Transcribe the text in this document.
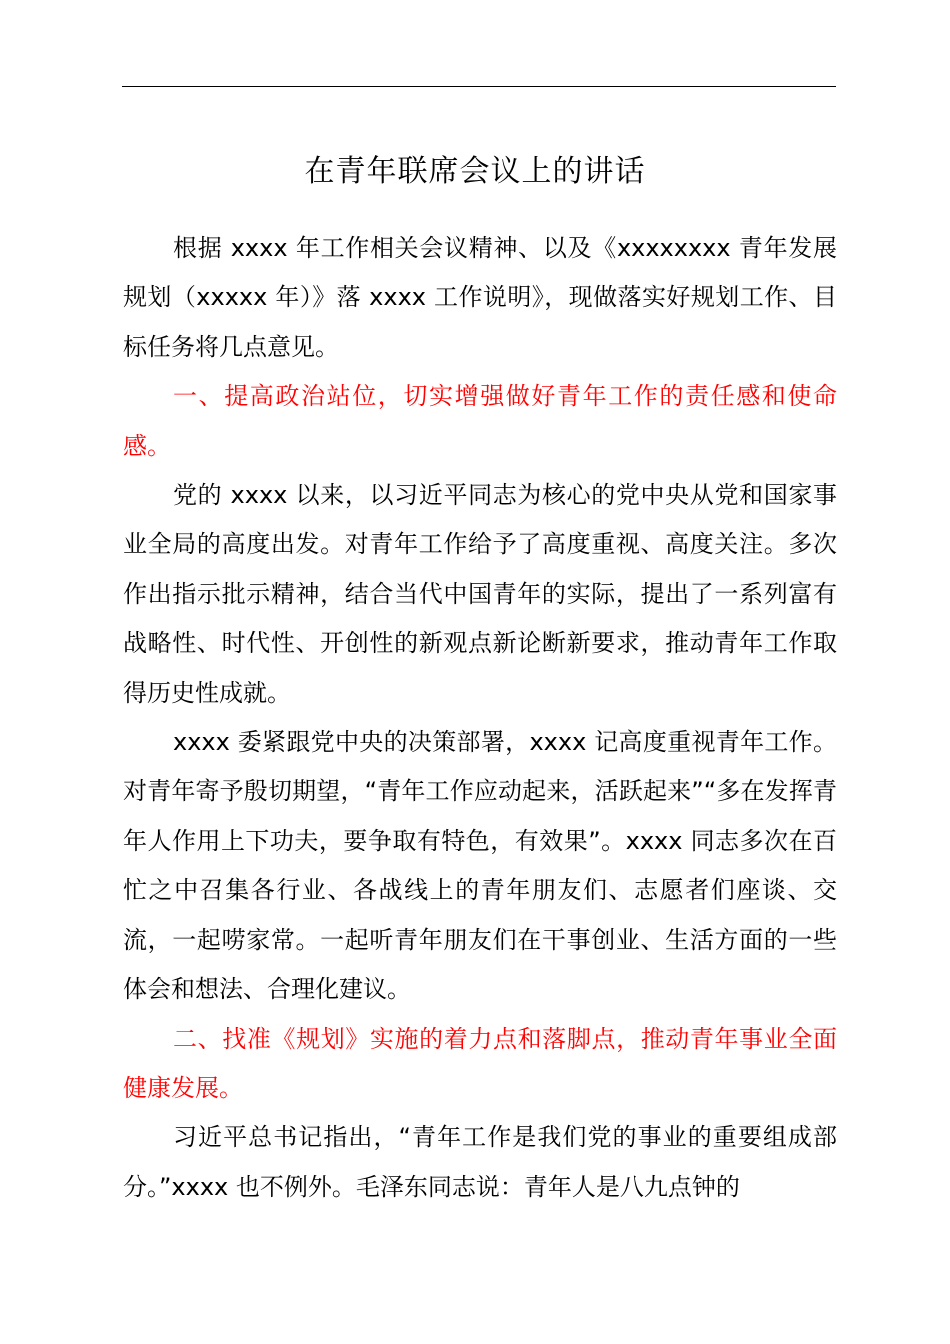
在青年联席会议上的讲话

根据 xxxx 年工作相关会议精神、以及《xxxxxxxx 青年发展规划（xxxxx 年）》落 xxxx 工作说明》，现做落实好规划工作、目标任务将几点意见。

一、提高政治站位，切实增强做好青年工作的责任感和使命感。

党的 xxxx 以来，以习近平同志为核心的党中央从党和国家事业全局的高度出发。对青年工作给予了高度重视、高度关注。多次作出指示批示精神，结合当代中国青年的实际，提出了一系列富有战略性、时代性、开创性的新观点新论断新要求，推动青年工作取得历史性成就。

xxxx 委紧跟党中央的决策部署，xxxx 记高度重视青年工作。对青年寄予殷切期望，“青年工作应动起来，活跃起来”“多在发挥青年人作用上下功夫，要争取有特色，有效果”。xxxx 同志多次在百忙之中召集各行业、各战线上的青年朋友们、志愿者们座谈、交流，一起唠家常。一起听青年朋友们在干事创业、生活方面的一些体会和想法、合理化建议。

二、找准《规划》实施的着力点和落脚点，推动青年事业全面健康发展。

习近平总书记指出，“青年工作是我们党的事业的重要组成部分。”xxxx 也不例外。毛泽东同志说：青年人是八九点钟的
